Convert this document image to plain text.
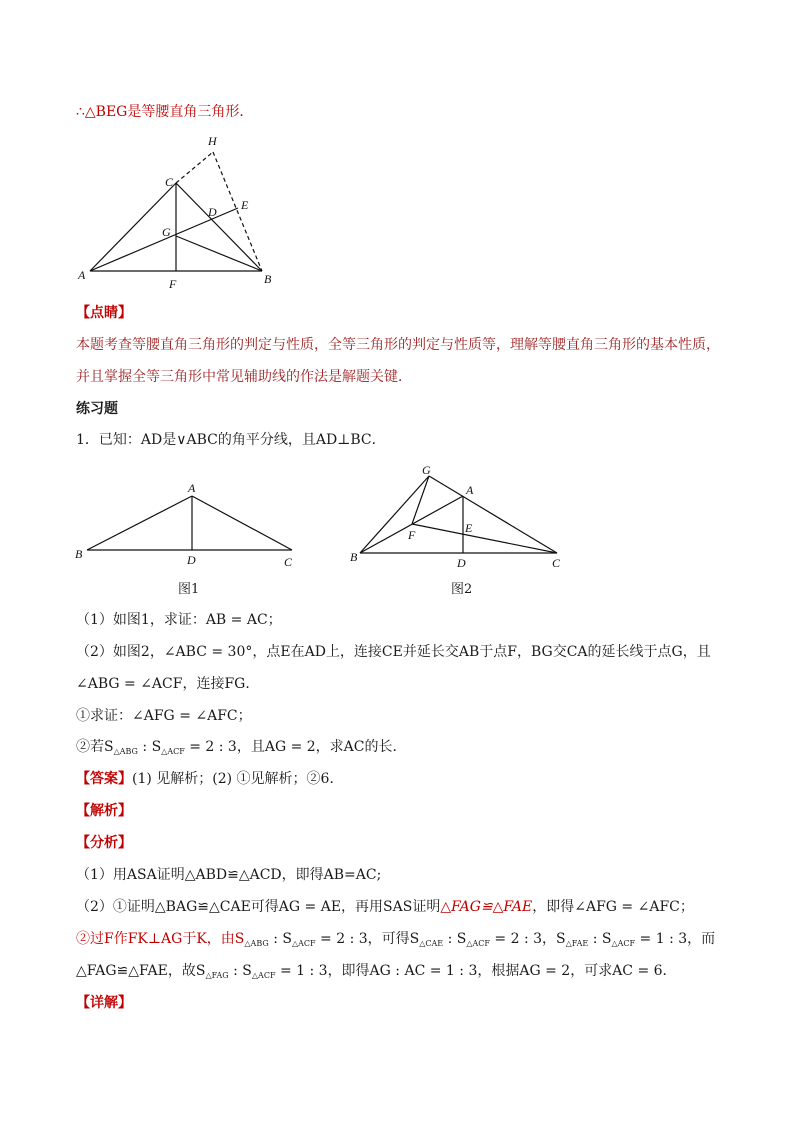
∴△BEG是等腰直角三角形．
H
C
D E
G
A
F	B
【点睛】
本题考查等腰直角三角形的判定与性质，全等三角形的判定与性质等，理解等腰直角三角形的基本性质，
并且掌握全等三角形中常见辅助线的作法是解题关键．
练习题
1．已知：AD是∨ABC的角平分线，且AD⊥BC．
A
B	D	C
图1
G
A
F	E
B	D	C
图2
（1）如图1，求证：AB = AC；
（2）如图2，∠ABC = 30°，点E在AD上，连接CE并延长交AB于点F，BG交CA的延长线于点G，且
∠ABG = ∠ACF，连接FG．
①求证：∠AFG = ∠AFC；
②若$S_{\triangle ABG}$ : $S_{\triangle ACF} = 2$ : 3，且AG = 2，求AC的长．
【答案】(1) 见解析；(2) ①见解析；②6．
【解析】
【分析】
（1）用ASA证明△ABD≌△ACD，即得AB=AC;
（2）①证明△BAG≌△CAE可得AG = AE，再用SAS证明△FAG≌△FAE，即得∠AFG = ∠AFC；
②过F作FK⊥AG于K，由$S_{\triangle ABG}$ : $S_{\triangle ACF} = 2$ : 3，可得$S_{\triangle CAE}$ : $S_{\triangle ACF} = 2$ : 3，$S_{\triangle FAE}$ : $S_{\triangle ACF} = 1$ : 3，而
△FAG≌△FAE，故$S_{\triangle FAG}$ : $S_{\triangle ACF} = 1$ : 3，即得AG : AC = 1 : 3，根据AG = 2，可求AC = 6．
【详解】
